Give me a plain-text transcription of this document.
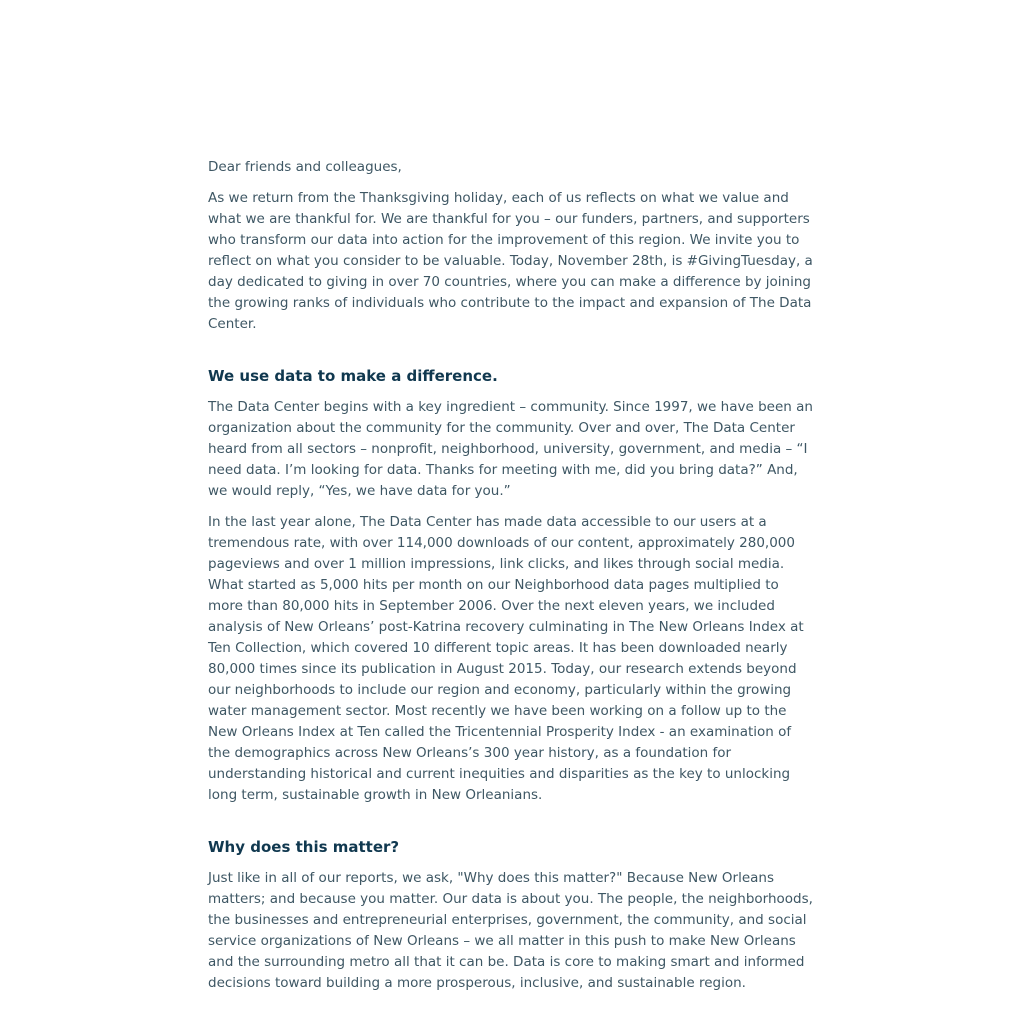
Dear friends and colleagues,

As we return from the Thanksgiving holiday, each of us reflects on what we value and what we are thankful for. We are thankful for you – our funders, partners, and supporters who transform our data into action for the improvement of this region. We invite you to reflect on what you consider to be valuable. Today, November 28th, is #GivingTuesday, a day dedicated to giving in over 70 countries, where you can make a difference by joining the growing ranks of individuals who contribute to the impact and expansion of The Data Center.

We use data to make a difference.

The Data Center begins with a key ingredient – community. Since 1997, we have been an organization about the community for the community. Over and over, The Data Center heard from all sectors – nonprofit, neighborhood, university, government, and media – “I need data. I’m looking for data. Thanks for meeting with me, did you bring data?” And, we would reply, “Yes, we have data for you.”

In the last year alone, The Data Center has made data accessible to our users at a tremendous rate, with over 114,000 downloads of our content, approximately 280,000 pageviews and over 1 million impressions, link clicks, and likes through social media. What started as 5,000 hits per month on our Neighborhood data pages multiplied to more than 80,000 hits in September 2006. Over the next eleven years, we included analysis of New Orleans’ post-Katrina recovery culminating in The New Orleans Index at Ten Collection, which covered 10 different topic areas. It has been downloaded nearly 80,000 times since its publication in August 2015. Today, our research extends beyond our neighborhoods to include our region and economy, particularly within the growing water management sector. Most recently we have been working on a follow up to the New Orleans Index at Ten called the Tricentennial Prosperity Index - an examination of the demographics across New Orleans’s 300 year history, as a foundation for understanding historical and current inequities and disparities as the key to unlocking long term, sustainable growth in New Orleanians.

Why does this matter?

Just like in all of our reports, we ask, "Why does this matter?" Because New Orleans matters; and because you matter. Our data is about you. The people, the neighborhoods, the businesses and entrepreneurial enterprises, government, the community, and social service organizations of New Orleans – we all matter in this push to make New Orleans and the surrounding metro all that it can be. Data is core to making smart and informed decisions toward building a more prosperous, inclusive, and sustainable region.
